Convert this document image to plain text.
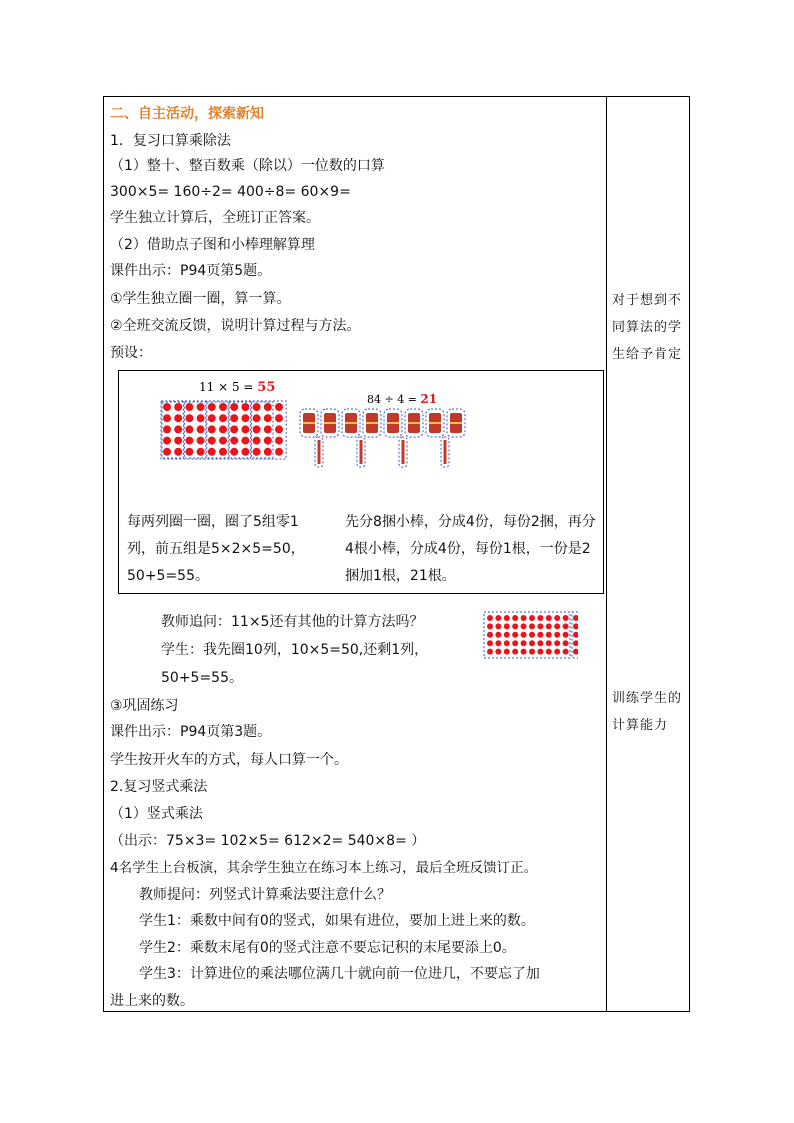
二、自主活动，探索新知
1．复习口算乘除法
（1）整十、整百数乘（除以）一位数的口算
300×5= 160÷2= 400÷8= 60×9=
学生独立计算后，全班订正答案。
（2）借助点子图和小棒理解算理
课件出示：P94页第5题。
①学生独立圈一圈，算一算。
②全班交流反馈，说明计算过程与方法。
预设：
教师追问：11×5还有其他的计算方法吗？
学生：我先圈10列，10×5=50,还剩1列，
50+5=55。
③巩固练习
课件出示：P94页第3题。
学生按开火车的方式，每人口算一个。
2.复习竖式乘法
（1）竖式乘法
（出示：75×3= 102×5= 612×2= 540×8= ）
4名学生上台板演，其余学生独立在练习本上练习，最后全班反馈订正。
教师提问：列竖式计算乘法要注意什么？
学生1：乘数中间有0的竖式，如果有进位，要加上进上来的数。
学生2：乘数末尾有0的竖式注意不要忘记积的末尾要添上0。
学生3：计算进位的乘法哪位满几十就向前一位进几，不要忘了加
进上来的数。
11 × 5 = 55
84 ÷ 4 = 21
每两列圈一圈，圈了5组零1列，前五组是5×2×5=50，50+5=55。
先分8捆小棒，分成4份，每份2捆，再分4根小棒，分成4份，每份1根，一份是2捆加1根，21根。
对于想到不同算法的学生给予肯定
训练学生的计算能力
